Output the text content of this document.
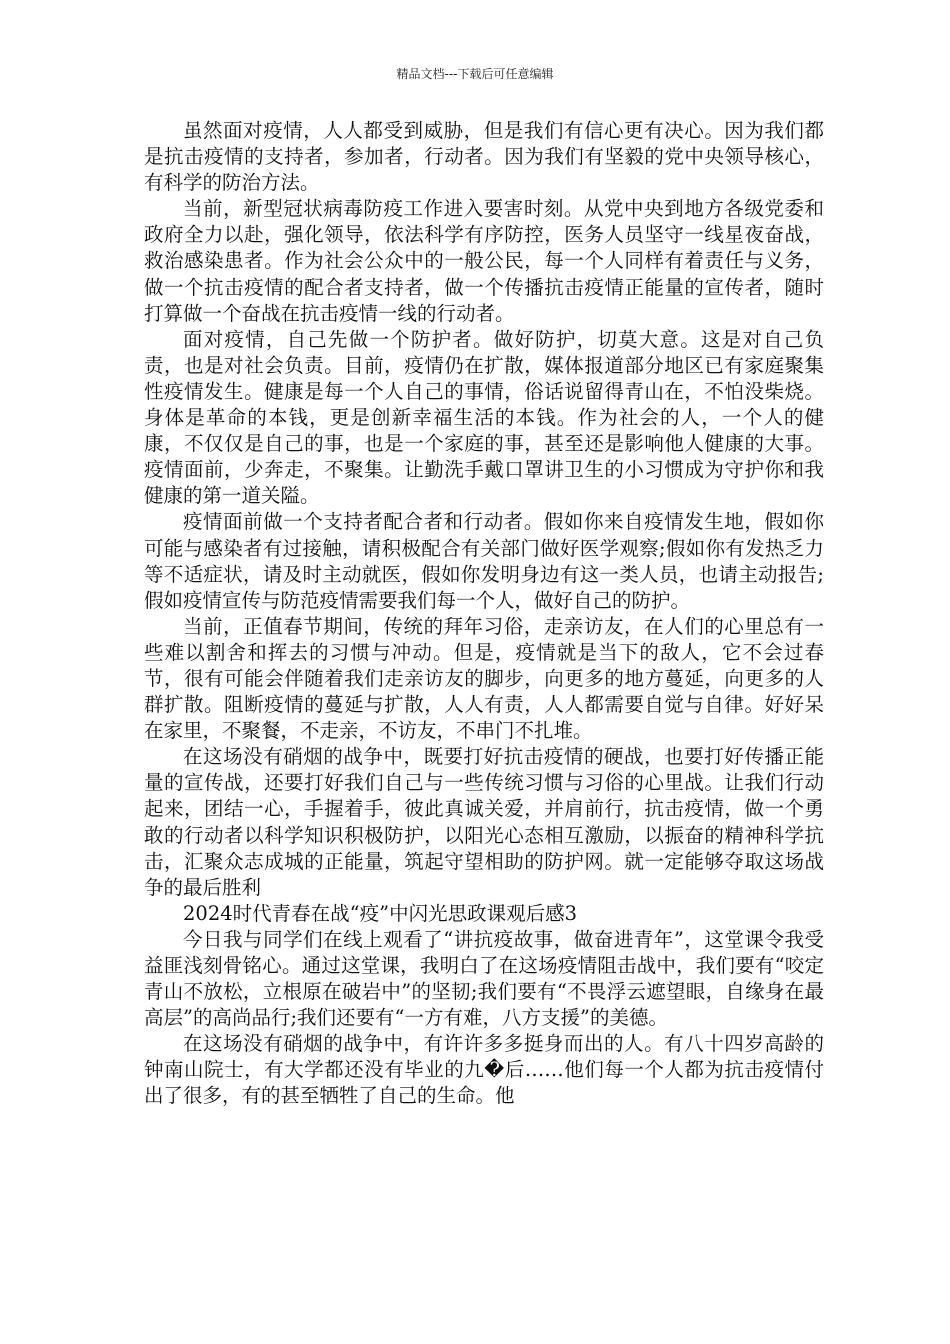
精品文档---下载后可任意编辑

虽然面对疫情，人人都受到威胁，但是我们有信心更有决心。因为我们都是抗击疫情的支持者，参加者，行动者。因为我们有坚毅的党中央领导核心，有科学的防治方法。

当前，新型冠状病毒防疫工作进入要害时刻。从党中央到地方各级党委和政府全力以赴，强化领导，依法科学有序防控，医务人员坚守一线星夜奋战，救治感染患者。作为社会公众中的一般公民，每一个人同样有着责任与义务，做一个抗击疫情的配合者支持者，做一个传播抗击疫情正能量的宣传者，随时打算做一个奋战在抗击疫情一线的行动者。

面对疫情，自己先做一个防护者。做好防护，切莫大意。这是对自己负责，也是对社会负责。目前，疫情仍在扩散，媒体报道部分地区已有家庭聚集性疫情发生。健康是每一个人自己的事情，俗话说留得青山在，不怕没柴烧。身体是革命的本钱，更是创新幸福生活的本钱。作为社会的人，一个人的健康，不仅仅是自己的事，也是一个家庭的事，甚至还是影响他人健康的大事。疫情面前，少奔走，不聚集。让勤洗手戴口罩讲卫生的小习惯成为守护你和我健康的第一道关隘。

疫情面前做一个支持者配合者和行动者。假如你来自疫情发生地，假如你可能与感染者有过接触，请积极配合有关部门做好医学观察;假如你有发热乏力等不适症状，请及时主动就医，假如你发明身边有这一类人员，也请主动报告;假如疫情宣传与防范疫情需要我们每一个人，做好自己的防护。

当前，正值春节期间，传统的拜年习俗，走亲访友，在人们的心里总有一些难以割舍和挥去的习惯与冲动。但是，疫情就是当下的敌人，它不会过春节，很有可能会伴随着我们走亲访友的脚步，向更多的地方蔓延，向更多的人群扩散。阻断疫情的蔓延与扩散，人人有责，人人都需要自觉与自律。好好呆在家里，不聚餐，不走亲，不访友，不串门不扎堆。

在这场没有硝烟的战争中，既要打好抗击疫情的硬战，也要打好传播正能量的宣传战，还要打好我们自己与一些传统习惯与习俗的心里战。让我们行动起来，团结一心，手握着手，彼此真诚关爱，并肩前行，抗击疫情，做一个勇敢的行动者以科学知识积极防护，以阳光心态相互激励，以振奋的精神科学抗击，汇聚众志成城的正能量，筑起守望相助的防护网。就一定能够夺取这场战争的最后胜利

2024时代青春在战“疫”中闪光思政课观后感3

今日我与同学们在线上观看了“讲抗疫故事，做奋进青年”，这堂课令我受益匪浅刻骨铭心。通过这堂课，我明白了在这场疫情阻击战中，我们要有“咬定青山不放松，立根原在破岩中”的坚韧;我们要有“不畏浮云遮望眼，自缘身在最高层”的高尚品行;我们还要有“一方有难，八方支援”的美德。

在这场没有硝烟的战争中，有许许多多挺身而出的人。有八十四岁高龄的钟南山院士，有大学都还没有毕业的九�后……他们每一个人都为抗击疫情付出了很多，有的甚至牺牲了自己的生命。他
